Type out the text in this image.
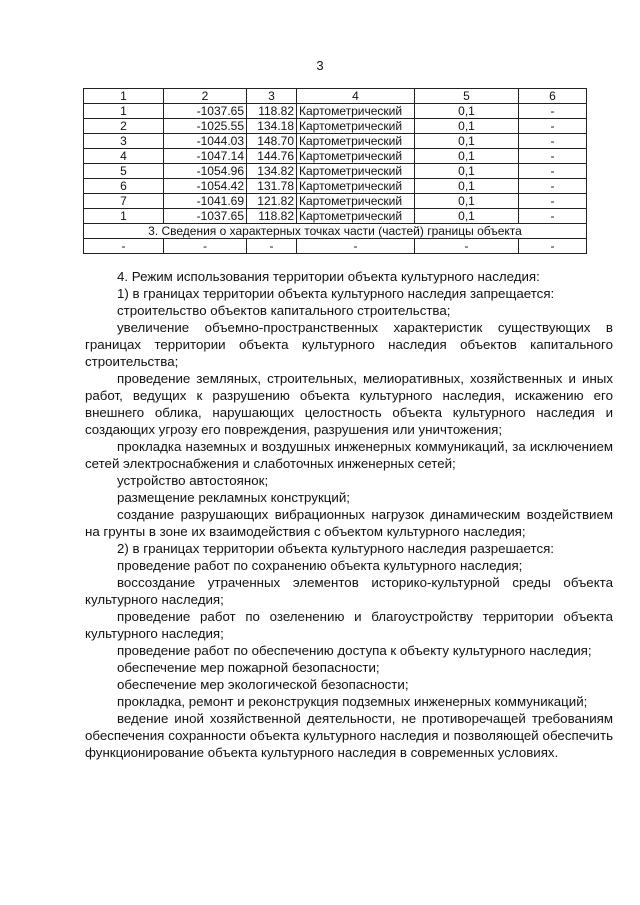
3
1	2	3	4	5	6
1	-1037.65	118.82	Картометрический	0,1	-
2	-1025.55	134.18	Картометрический	0,1	-
3	-1044.03	148.70	Картометрический	0,1	-
4	-1047.14	144.76	Картометрический	0,1	-
5	-1054.96	134.82	Картометрический	0,1	-
6	-1054.42	131.78	Картометрический	0,1	-
7	-1041.69	121.82	Картометрический	0,1	-
1	-1037.65	118.82	Картометрический	0,1	-
3. Сведения о характерных точках части (частей) границы объекта					
-	-	-	-	-	-

4. Режим использования территории объекта культурного наследия:

1) в границах территории объекта культурного наследия запрещается:

строительство объектов капитального строительства;

увеличение объемно-пространственных характеристик существующих в границах территории объекта культурного наследия объектов капитального строительства;

проведение земляных, строительных, мелиоративных, хозяйственных и иных работ, ведущих к разрушению объекта культурного наследия, искажению его внешнего облика, нарушающих целостность объекта культурного наследия и создающих угрозу его повреждения, разрушения или уничтожения;

прокладка наземных и воздушных инженерных коммуникаций, за исключением сетей электроснабжения и слаботочных инженерных сетей;

устройство автостоянок;

размещение рекламных конструкций;

создание разрушающих вибрационных нагрузок динамическим воздействием на грунты в зоне их взаимодействия с объектом культурного наследия;

2) в границах территории объекта культурного наследия разрешается:

проведение работ по сохранению объекта культурного наследия;

воссоздание утраченных элементов историко-культурной среды объекта культурного наследия;

проведение работ по озеленению и благоустройству территории объекта культурного наследия;

проведение работ по обеспечению доступа к объекту культурного наследия;

обеспечение мер пожарной безопасности;

обеспечение мер экологической безопасности;

прокладка, ремонт и реконструкция подземных инженерных коммуникаций;

ведение иной хозяйственной деятельности, не противоречащей требованиям обеспечения сохранности объекта культурного наследия и позволяющей обеспечить функционирование объекта культурного наследия в современных условиях.
